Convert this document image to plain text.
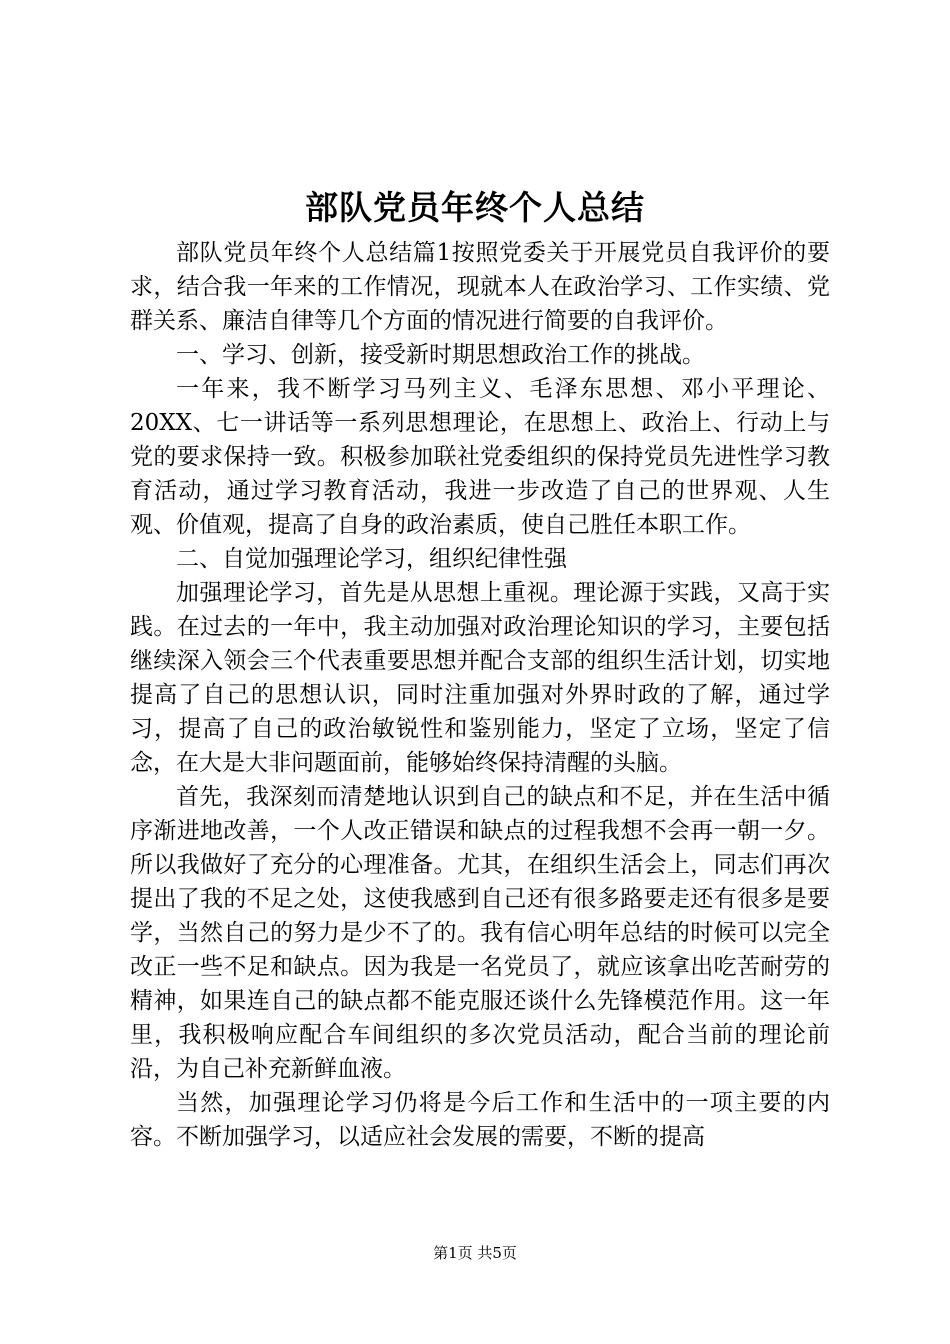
部队党员年终个人总结

部队党员年终个人总结篇1按照党委关于开展党员自我评价的要求，结合我一年来的工作情况，现就本人在政治学习、工作实绩、党群关系、廉洁自律等几个方面的情况进行简要的自我评价。

一、学习、创新，接受新时期思想政治工作的挑战。

一年来，我不断学习马列主义、毛泽东思想、邓小平理论、20XX、七一讲话等一系列思想理论，在思想上、政治上、行动上与党的要求保持一致。积极参加联社党委组织的保持党员先进性学习教育活动，通过学习教育活动，我进一步改造了自己的世界观、人生观、价值观，提高了自身的政治素质，使自己胜任本职工作。

二、自觉加强理论学习，组织纪律性强

加强理论学习，首先是从思想上重视。理论源于实践，又高于实践。在过去的一年中，我主动加强对政治理论知识的学习，主要包括继续深入领会三个代表重要思想并配合支部的组织生活计划，切实地提高了自己的思想认识，同时注重加强对外界时政的了解，通过学习，提高了自己的政治敏锐性和鉴别能力，坚定了立场，坚定了信念，在大是大非问题面前，能够始终保持清醒的头脑。

首先，我深刻而清楚地认识到自己的缺点和不足，并在生活中循序渐进地改善，一个人改正错误和缺点的过程我想不会再一朝一夕。所以我做好了充分的心理准备。尤其，在组织生活会上，同志们再次提出了我的不足之处，这使我感到自己还有很多路要走还有很多是要学，当然自己的努力是少不了的。我有信心明年总结的时候可以完全改正一些不足和缺点。因为我是一名党员了，就应该拿出吃苦耐劳的精神，如果连自己的缺点都不能克服还谈什么先锋模范作用。这一年里，我积极响应配合车间组织的多次党员活动，配合当前的理论前沿，为自己补充新鲜血液。

当然，加强理论学习仍将是今后工作和生活中的一项主要的内容。不断加强学习，以适应社会发展的需要，不断的提高

第1页 共5页
